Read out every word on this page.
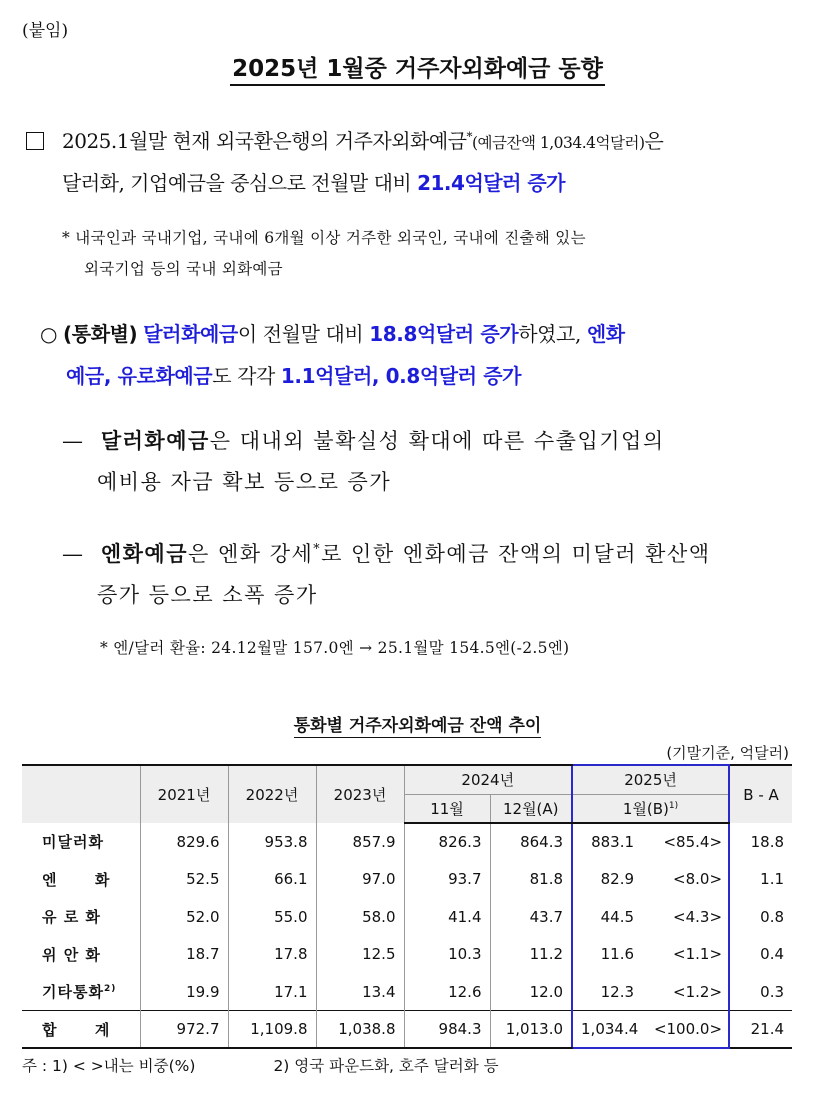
(붙임)
2025년 1월중 거주자외화예금 동향
2025.1월말 현재 외국환은행의 거주자외화예금*(예금잔액 1,034.4억달러)은
달러화, 기업예금을 중심으로 전월말 대비 21.4억달러 증가
* 내국인과 국내기업, 국내에 6개월 이상 거주한 외국인, 국내에 진출해 있는
외국기업 등의 국내 외화예금
○ (통화별) 달러화예금이 전월말 대비 18.8억달러 증가하였고, 엔화
예금, 유로화예금도 각각 1.1억달러, 0.8억달러 증가
— 달러화예금은 대내외 불확실성 확대에 따른 수출입기업의
예비용 자금 확보 등으로 증가
— 엔화예금은 엔화 강세*로 인한 엔화예금 잔액의 미달러 환산액
증가 등으로 소폭 증가
* 엔/달러 환율: 24.12월말 157.0엔 → 25.1월말 154.5엔(-2.5엔)
통화별 거주자외화예금 잔액 추이
(기말기준, 억달러)
	2021년	2022년	2023년	2024년		2025년		B - A
				11월	12월(A)	1월$(B)^{1)}$
미달러화	829.6	953.8	857.9	826.3	864.3	883.1	<85.4>	18.8
엔      화	52.5	66.1	97.0	93.7	81.8	82.9	<8.0>	1.1
유 로 화	52.0	55.0	58.0	41.4	43.7	44.5	<4.3>	0.8
위 안 화	18.7	17.8	12.5	10.3	11.2	11.6	<1.1>	0.4
기타통화$^{2)}$	19.9	17.1	13.4	12.6	12.0	12.3	<1.2>	0.3
합      계	972.7	1,109.8	1,038.8	984.3	1,013.0	1,034.4	<100.0>	21.4
주 : 1) < >내는 비중(%)	2) 영국 파운드화, 호주 달러화 등
